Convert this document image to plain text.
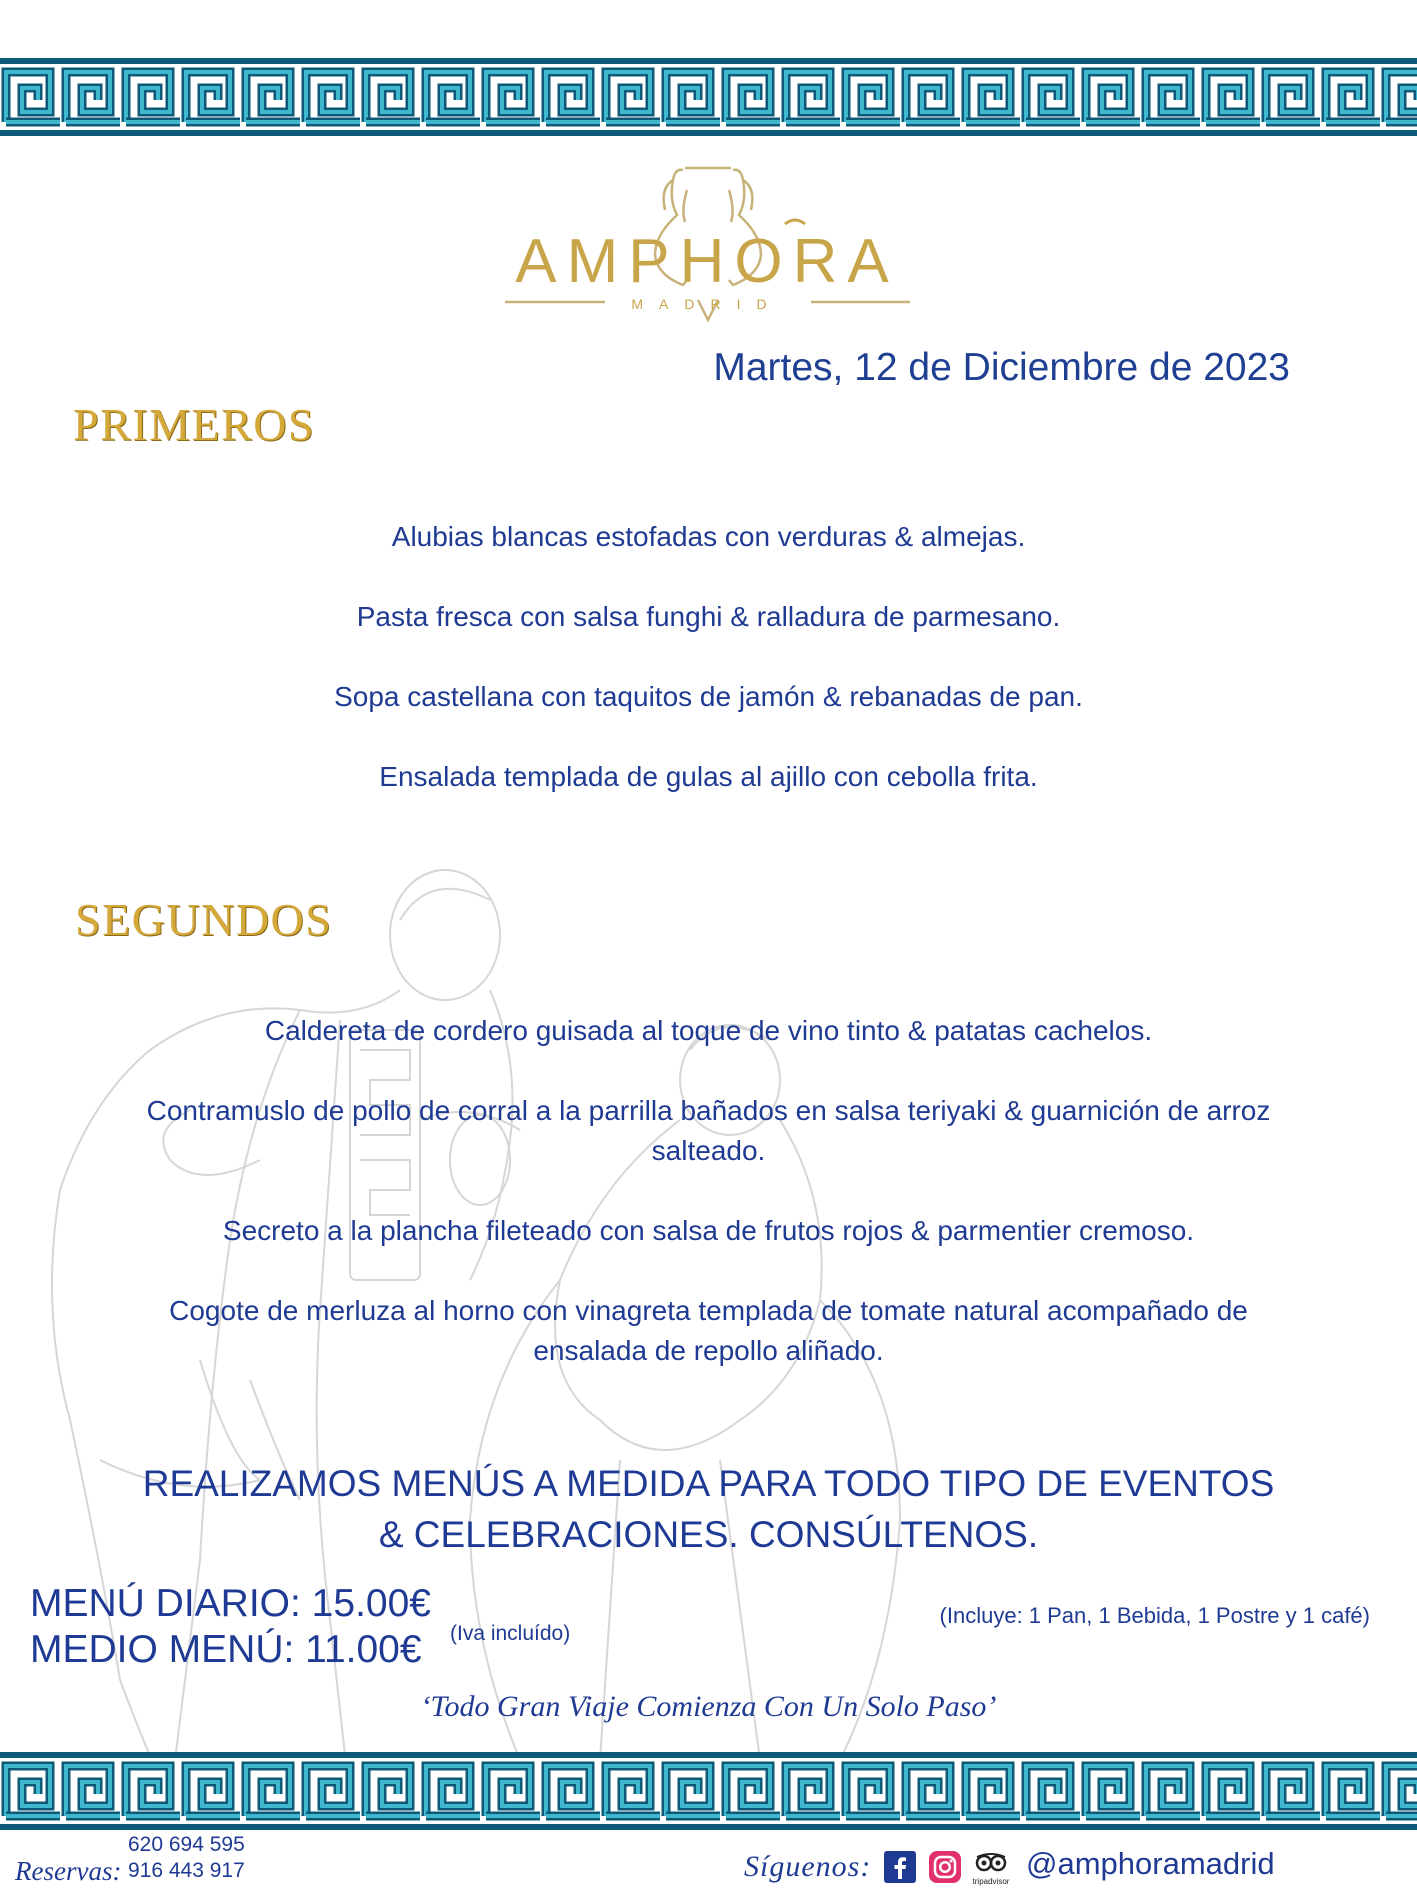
AMPHORA
MADRID
Martes, 12 de Diciembre de 2023
PRIMEROS
Alubias blancas estofadas con verduras & almejas.
Pasta fresca con salsa funghi & ralladura de parmesano.
Sopa castellana con taquitos de jamón & rebanadas de pan.
Ensalada templada de gulas al ajillo con cebolla frita.
SEGUNDOS
Caldereta de cordero guisada al toque de vino tinto & patatas cachelos.
Contramuslo de pollo de corral a la parrilla bañados en salsa teriyaki & guarnición de arroz salteado.
Secreto a la plancha fileteado con salsa de frutos rojos & parmentier cremoso.
Cogote de merluza al horno con vinagreta templada de tomate natural acompañado de ensalada de repollo aliñado.
REALIZAMOS MENÚS A MEDIDA PARA TODO TIPO DE EVENTOS & CELEBRACIONES. CONSÚLTENOS.
MENÚ DIARIO: 15.00€
MEDIO MENÚ: 11.00€ (Iva incluído)
(Incluye: 1 Pan, 1 Bebida, 1 Postre y 1 café)
‘Todo Gran Viaje Comienza Con Un Solo Paso’
Reservas:
620 694 595
916 443 917	Síguenos:	tripadvisor
@amphoramadrid
